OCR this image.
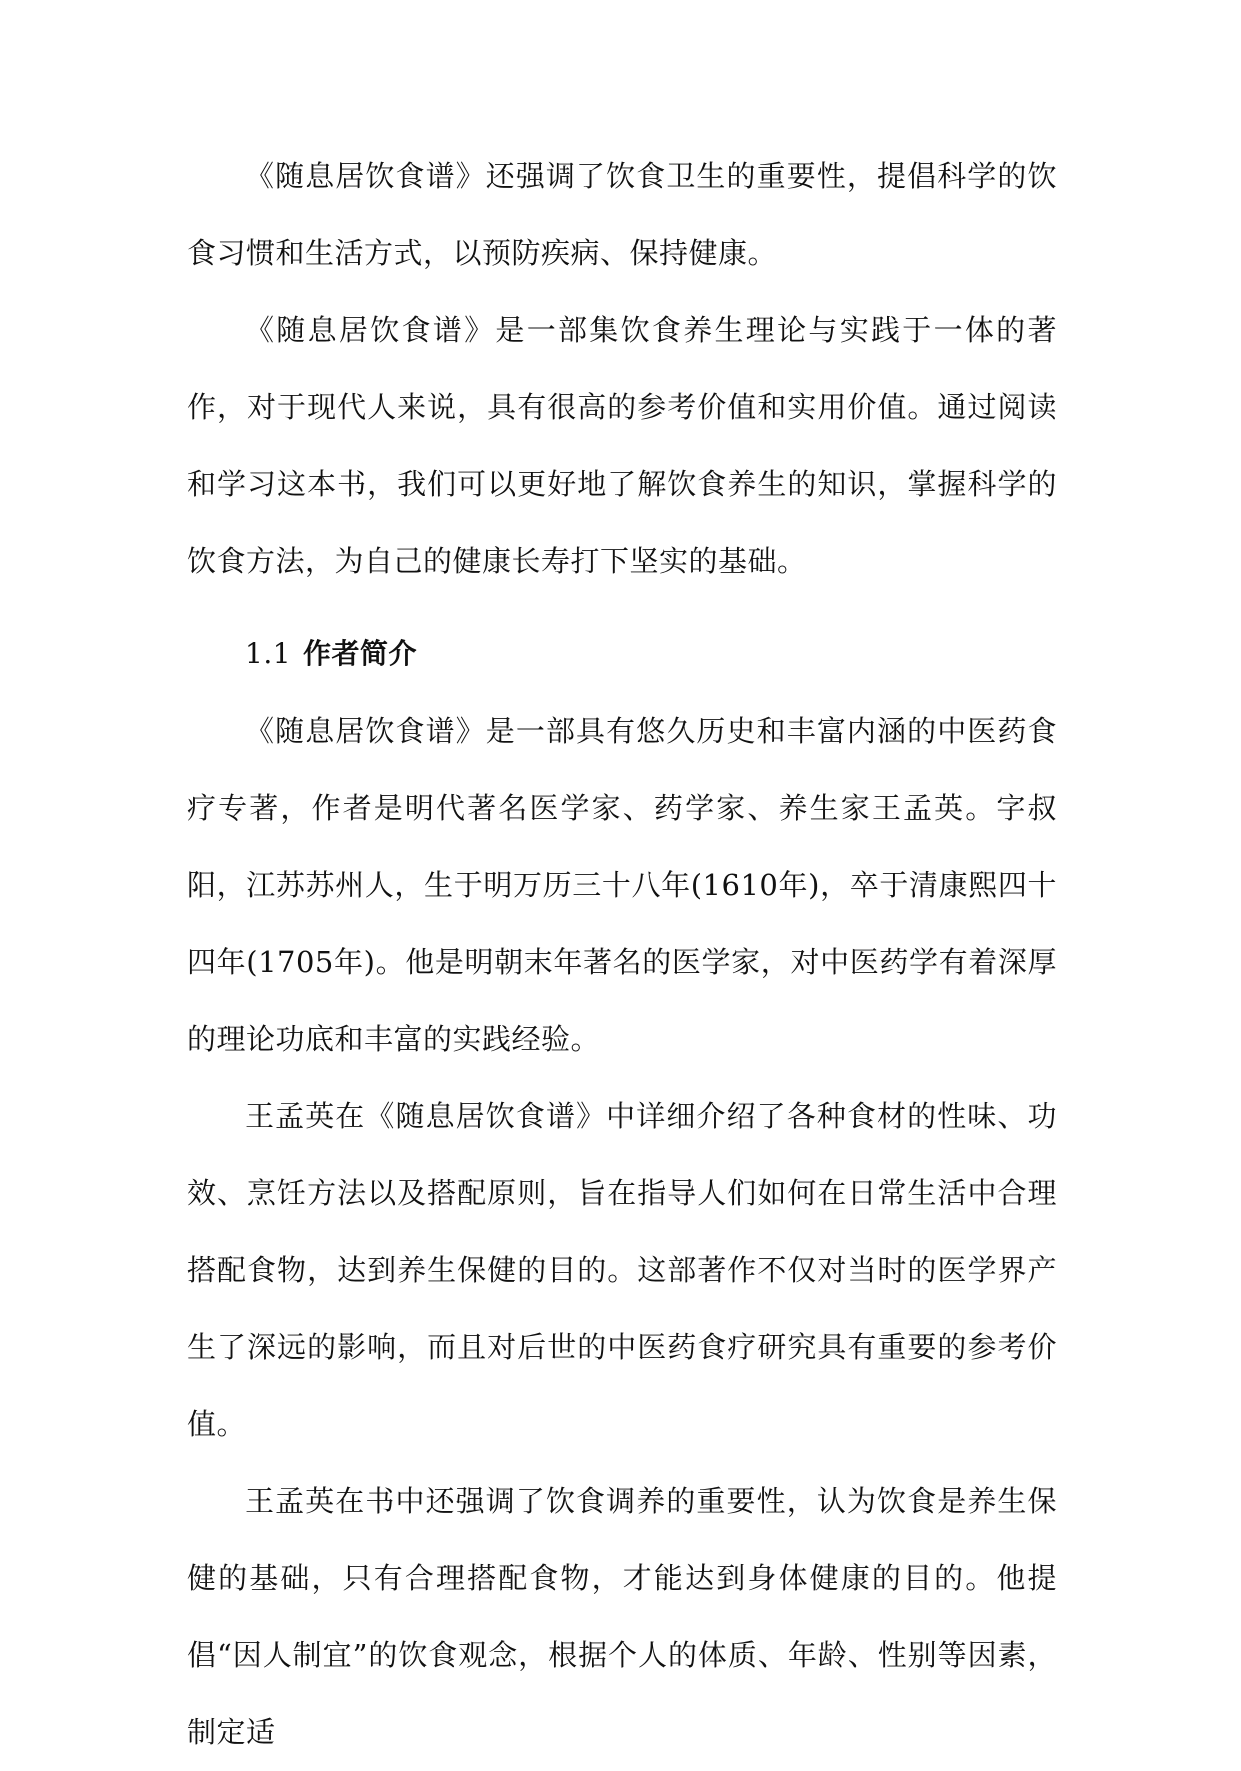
《随息居饮食谱》还强调了饮食卫生的重要性，提倡科学的饮食习惯和生活方式，以预防疾病、保持健康。

《随息居饮食谱》是一部集饮食养生理论与实践于一体的著作，对于现代人来说，具有很高的参考价值和实用价值。通过阅读和学习这本书，我们可以更好地了解饮食养生的知识，掌握科学的饮食方法，为自己的健康长寿打下坚实的基础。

1.1 作者简介

《随息居饮食谱》是一部具有悠久历史和丰富内涵的中医药食疗专著，作者是明代著名医学家、药学家、养生家王孟英。字叔阳，江苏苏州人，生于明万历三十八年(1610年)，卒于清康熙四十四年(1705年)。他是明朝末年著名的医学家，对中医药学有着深厚的理论功底和丰富的实践经验。

王孟英在《随息居饮食谱》中详细介绍了各种食材的性味、功效、烹饪方法以及搭配原则，旨在指导人们如何在日常生活中合理搭配食物，达到养生保健的目的。这部著作不仅对当时的医学界产生了深远的影响，而且对后世的中医药食疗研究具有重要的参考价值。

王孟英在书中还强调了饮食调养的重要性，认为饮食是养生保健的基础，只有合理搭配食物，才能达到身体健康的目的。他提倡“因人制宜”的饮食观念，根据个人的体质、年龄、性别等因素，制定适
